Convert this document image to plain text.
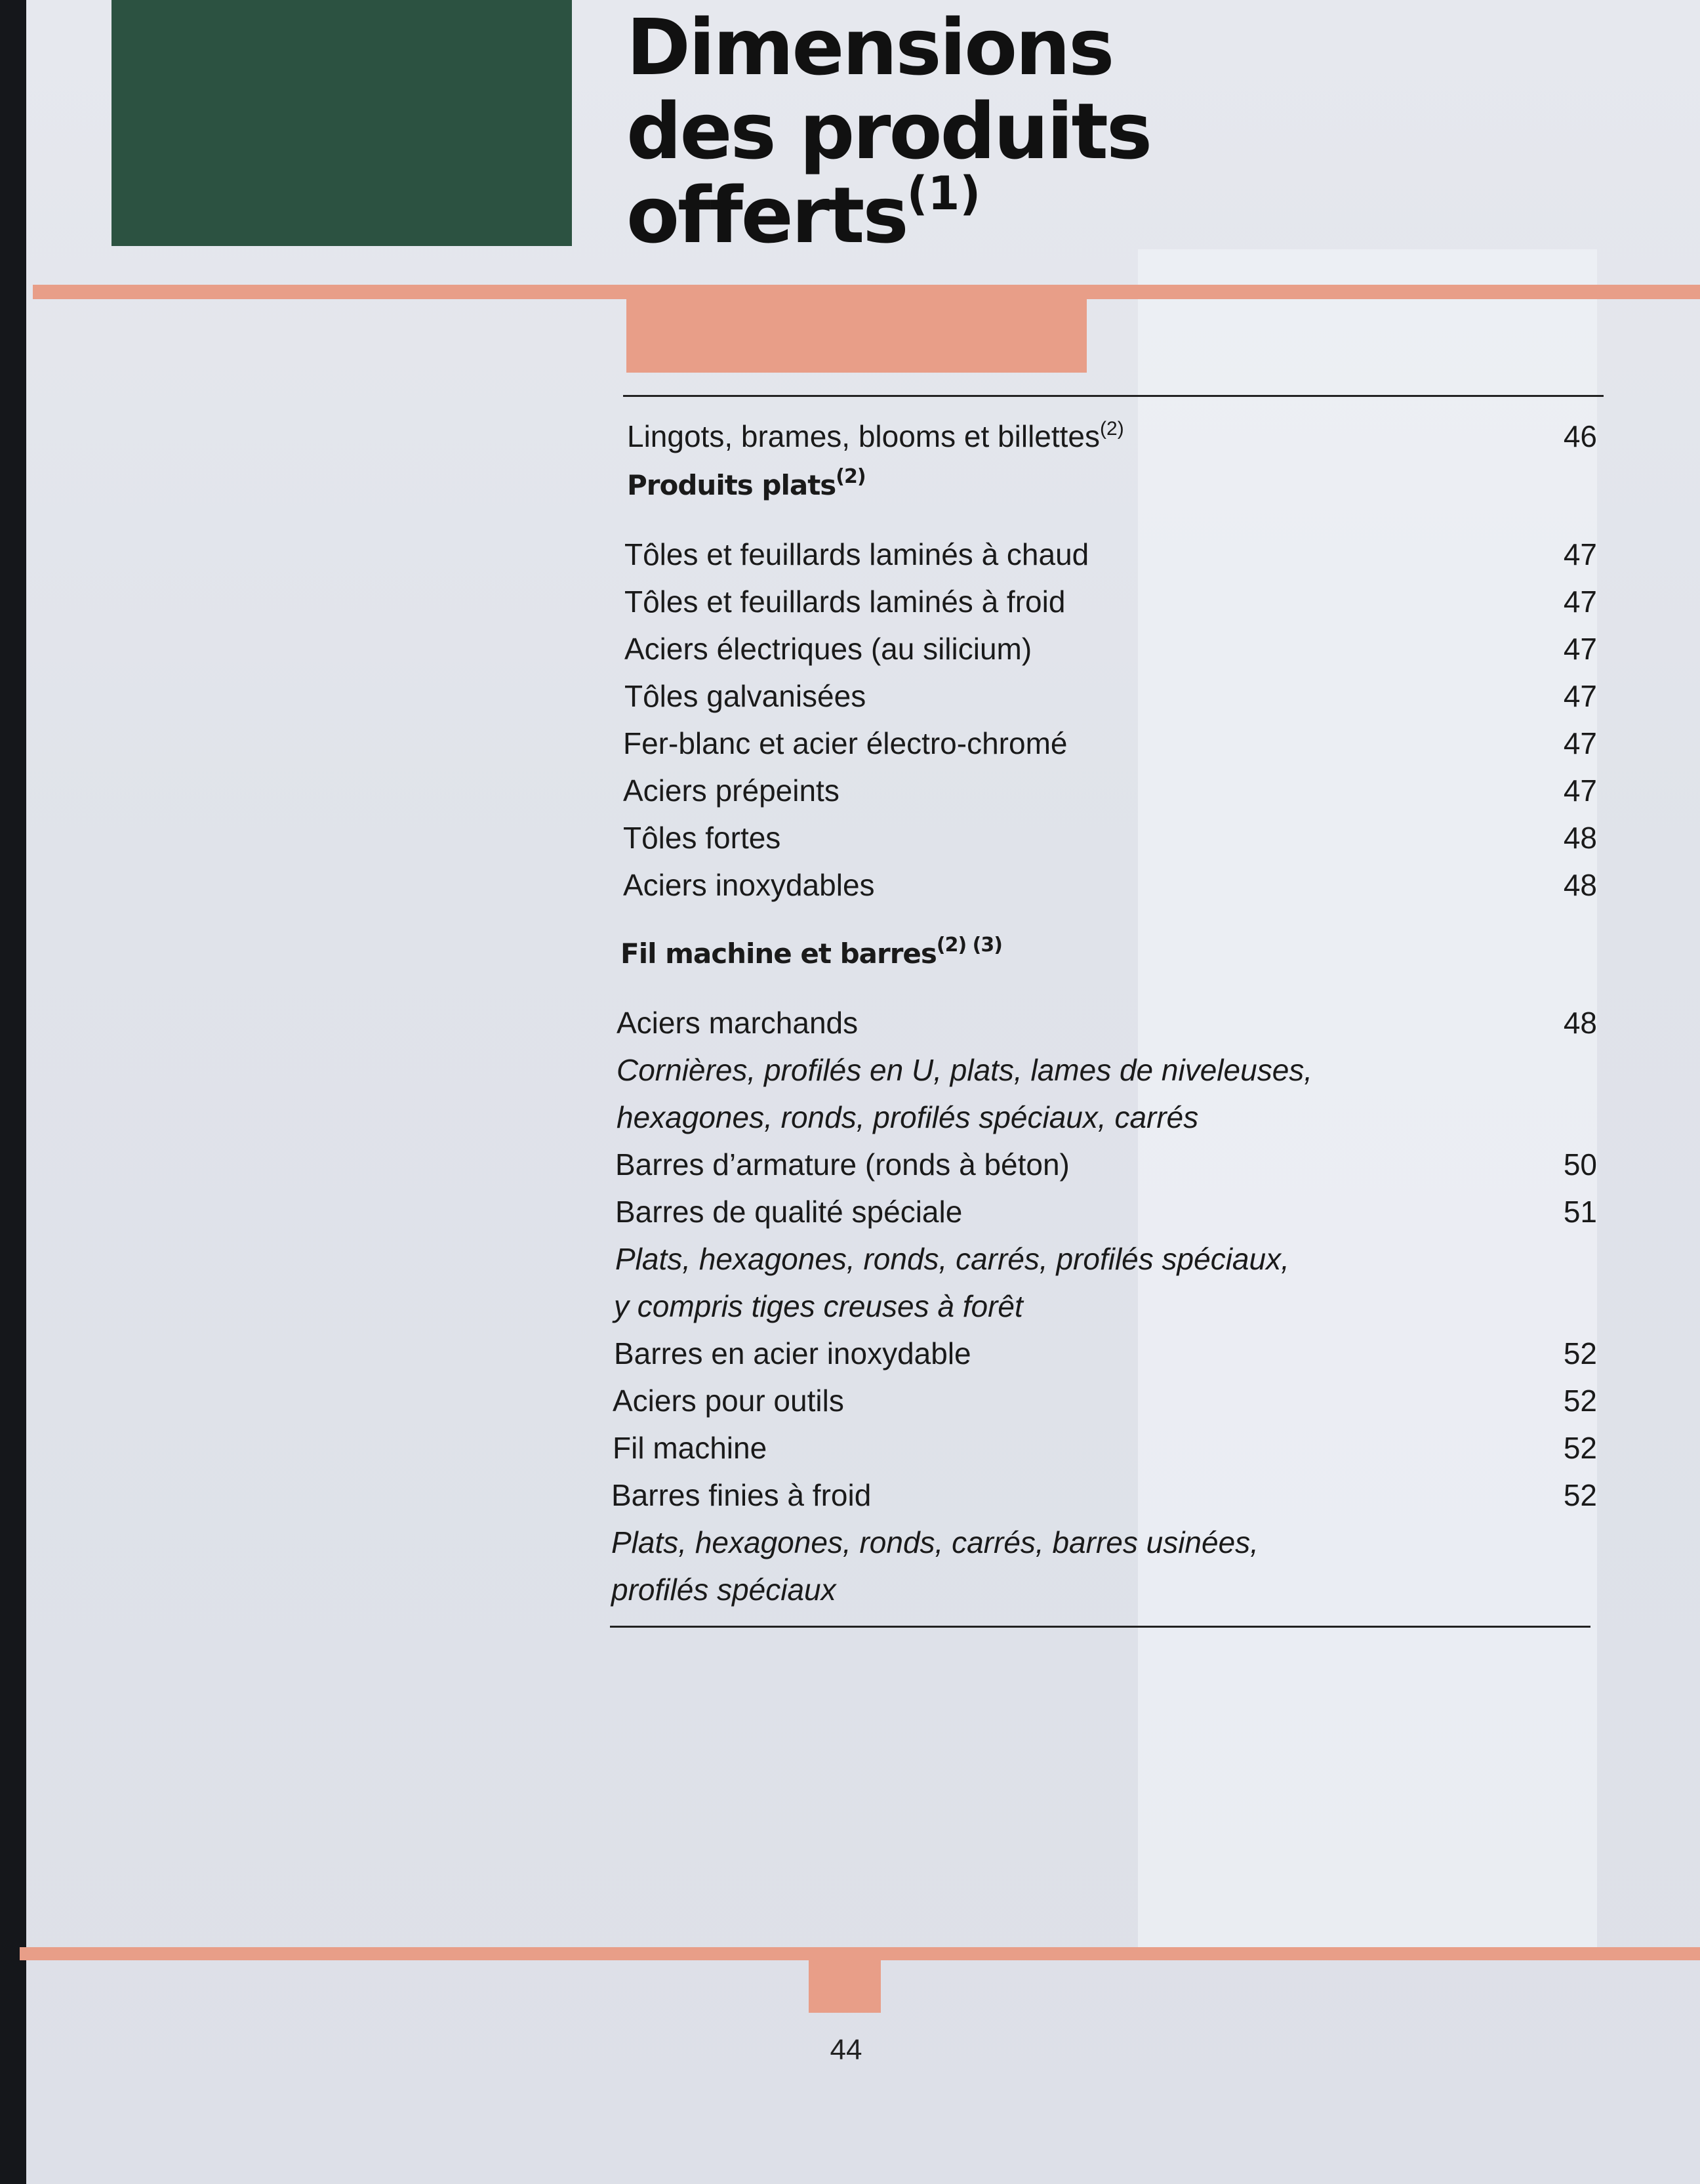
Dimensions
des produits
offerts$^{(1)}$
Lingots, brames, blooms et billettes$^{(2)}$	46
Produits plats$^{(2)}$
Tôles et feuillards laminés à chaud	47
Tôles et feuillards laminés à froid	47
Aciers électriques (au silicium)	47
Tôles galvanisées	47
Fer-blanc et acier électro-chromé	47
Aciers prépeints	47
Tôles fortes	48
Aciers inoxydables	48
Fil machine et barres$^{(2) (3)}$
Aciers marchands	48
Cornières, profilés en U, plats, lames de niveleuses,
hexagones, ronds, profilés spéciaux, carrés
Barres d’armature (ronds à béton)	50
Barres de qualité spéciale	51
Plats, hexagones, ronds, carrés, profilés spéciaux,
y compris tiges creuses à forêt
Barres en acier inoxydable	52
Aciers pour outils	52
Fil machine	52
Barres finies à froid	52
Plats, hexagones, ronds, carrés, barres usinées,
profilés spéciaux
44
